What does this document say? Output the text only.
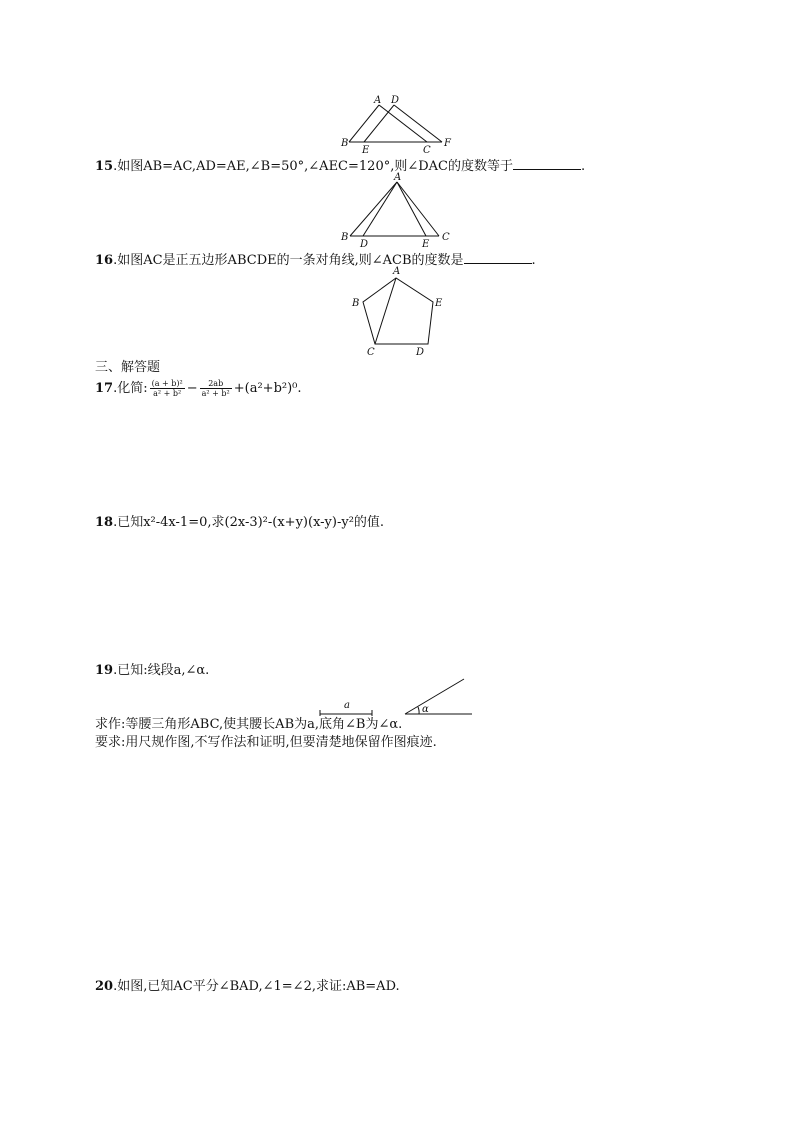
A D
B
E	C
F
15.如图AB=AC,AD=AE,∠B=50°,∠AEC=120°,则∠DAC的度数等于	.
A
B
D	E
C
16.如图AC是正五边形ABCDE的一条对角线,则∠ACB的度数是	.
A
B	E
C	D
三、解答题
17.化简: $\frac{\text{(a + b)²}}{\text{a² + b²}} - \frac{2ab}{\text{a² + b²}} +(a^2+b^2)^0$.
18.已知x²-4x-1=0,求(2x-3)²-(x+y)(x-y)-y²的值.
19.已知:线段a,∠α.
a	α
求作:等腰三角形ABC,使其腰长AB为a,底角∠B为∠α.
要求:用尺规作图,不写作法和证明,但要清楚地保留作图痕迹.
20.如图,已知AC平分∠BAD,∠1=∠2,求证:AB=AD.
